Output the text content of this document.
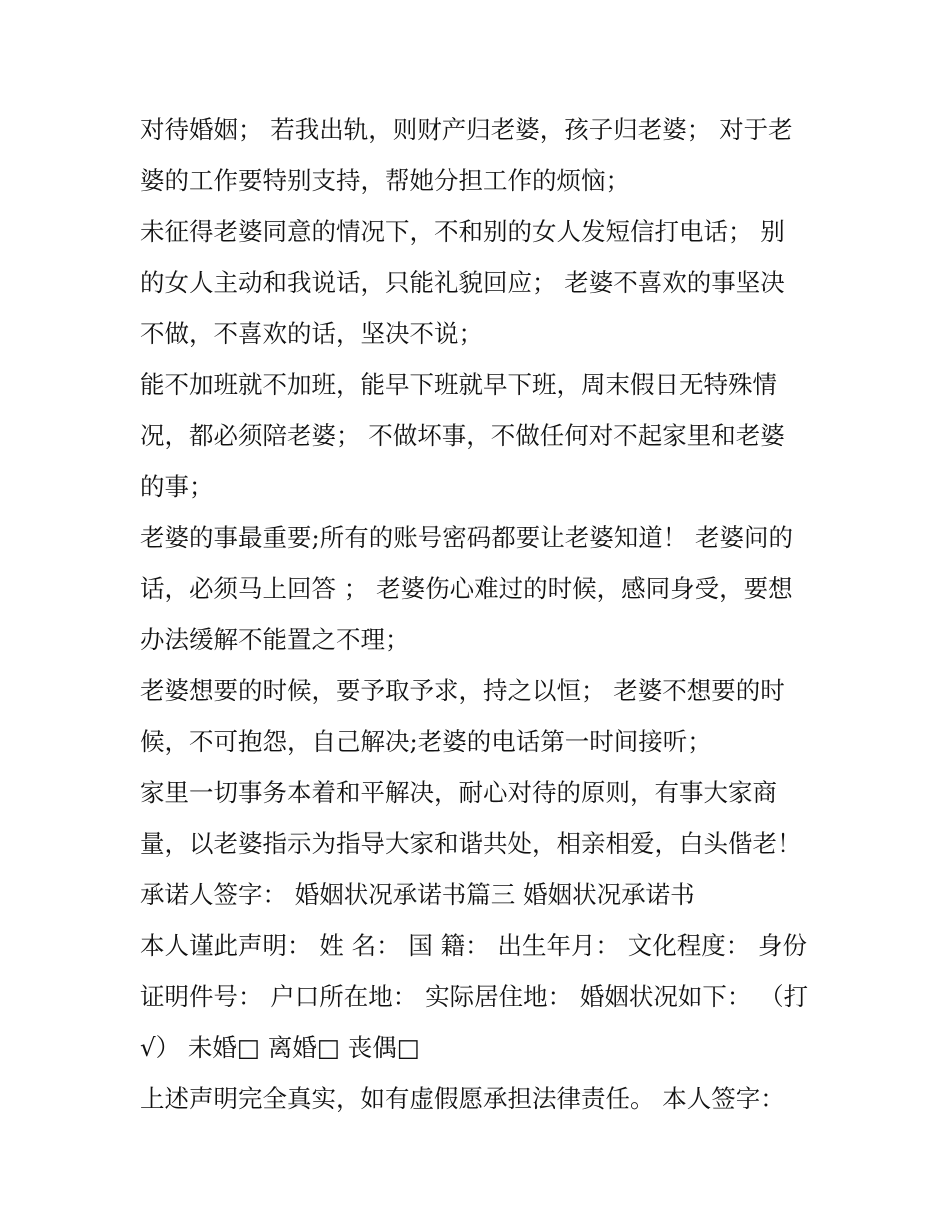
对待婚姻； 若我出轨，则财产归老婆，孩子归老婆； 对于老
婆的工作要特别支持，帮她分担工作的烦恼；
未征得老婆同意的情况下，不和别的女人发短信打电话； 别
的女人主动和我说话，只能礼貌回应； 老婆不喜欢的事坚决
不做，不喜欢的话，坚决不说；
能不加班就不加班，能早下班就早下班，周末假日无特殊情
况，都必须陪老婆； 不做坏事，不做任何对不起家里和老婆
的事；
老婆的事最重要;所有的账号密码都要让老婆知道！ 老婆问的
话，必须马上回答 ； 老婆伤心难过的时候，感同身受，要想
办法缓解不能置之不理；
老婆想要的时候，要予取予求，持之以恒； 老婆不想要的时
候，不可抱怨，自己解决;老婆的电话第一时间接听；
家里一切事务本着和平解决，耐心对待的原则，有事大家商
量，以老婆指示为指导大家和谐共处，相亲相爱，白头偕老！
承诺人签字： 婚姻状况承诺书篇三 婚姻状况承诺书
本人谨此声明： 姓 名： 国 籍： 出生年月： 文化程度： 身份
证明件号： 户口所在地： 实际居住地： 婚姻状况如下： （打
√） 未婚□ 离婚□ 丧偶□
上述声明完全真实，如有虚假愿承担法律责任。 本人签字：
